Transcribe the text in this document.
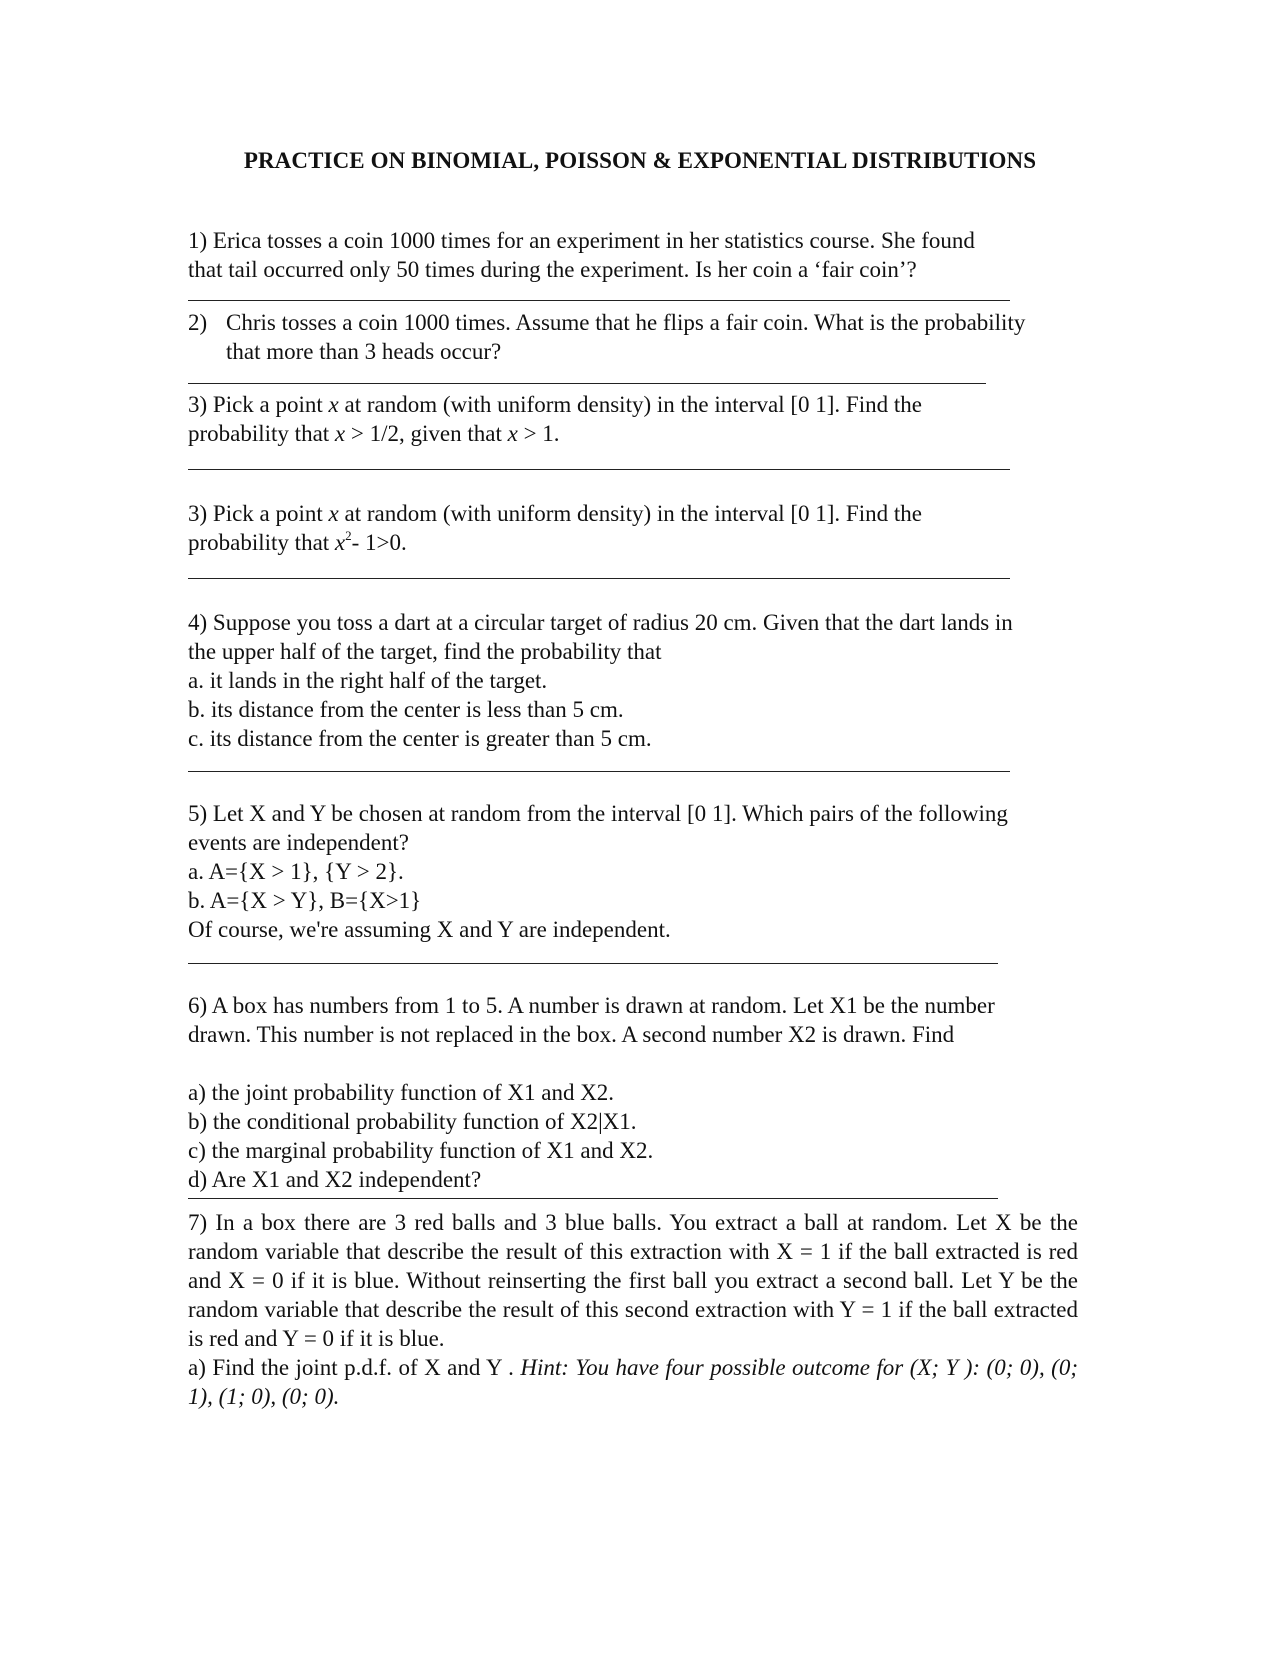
PRACTICE ON BINOMIAL, POISSON & EXPONENTIAL DISTRIBUTIONS

1) Erica tosses a coin 1000 times for an experiment in her statistics course. She found

that tail occurred only 50 times during the experiment. Is her coin a ‘fair coin’?

2) Chris tosses a coin 1000 times. Assume that he flips a fair coin. What is the probability that more than 3 heads occur?

3) Pick a point x at random (with uniform density) in the interval [0 1]. Find the

probability that x > 1/2, given that x > 1.

3) Pick a point x at random (with uniform density) in the interval [0 1]. Find the

probability that $x^2-$ 1>0.

4) Suppose you toss a dart at a circular target of radius 20 cm. Given that the dart lands in

the upper half of the target, find the probability that

a. it lands in the right half of the target.

b. its distance from the center is less than 5 cm.

c. its distance from the center is greater than 5 cm.

5) Let X and Y be chosen at random from the interval [0 1]. Which pairs of the following

events are independent?

a. A={X > 1}, {Y > 2}.

b. A={X > Y}, B={X>1}

Of course, we're assuming X and Y are independent.

6) A box has numbers from 1 to 5. A number is drawn at random. Let X1 be the number

drawn. This number is not replaced in the box. A second number X2 is drawn. Find

a) the joint probability function of X1 and X2.

b) the conditional probability function of X2|X1.

c) the marginal probability function of X1 and X2.

d) Are X1 and X2 independent?

7) In a box there are 3 red balls and 3 blue balls. You extract a ball at random. Let X be the random variable that describe the result of this extraction with X = 1 if the ball extracted is red and X = 0 if it is blue. Without reinserting the first ball you extract a second ball. Let Y be the random variable that describe the result of this second extraction with Y = 1 if the ball extracted is red and Y = 0 if it is blue.

a) Find the joint p.d.f. of X and Y . Hint: You have four possible outcome for (X; Y ): (0; 0), (0; 1), (1; 0), (0; 0).
